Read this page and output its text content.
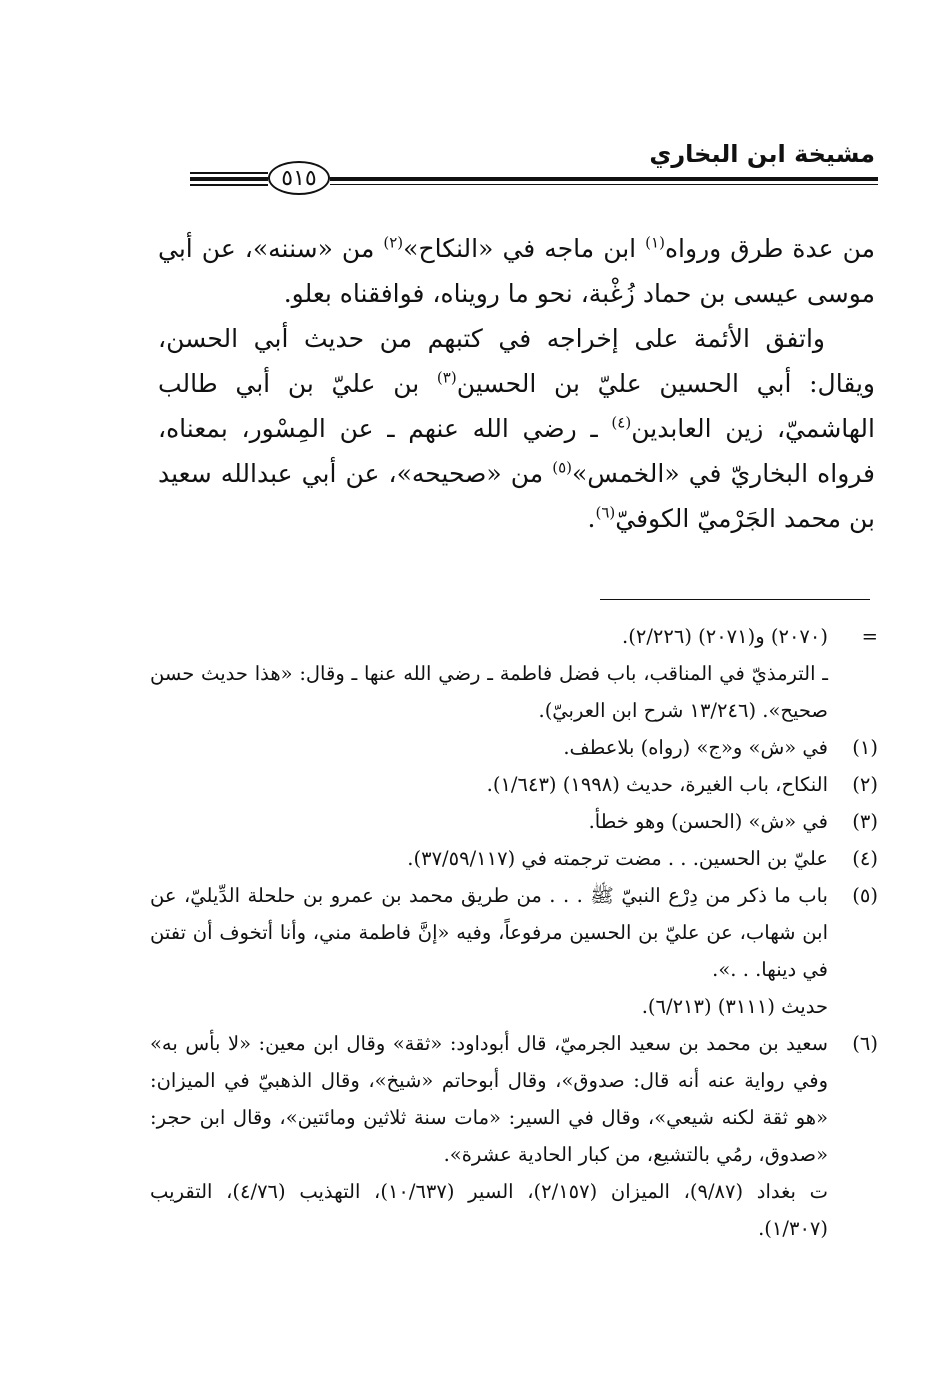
مشيخة ابن البخاري
٥١٥

من عدة طرق ورواه$^{(١)}$ ابن ماجه في «النكاح»$^{(٢)}$ من «سننه»، عن أبي موسى عيسى بن حماد زُغْبة، نحو ما رويناه، فوافقناه بعلو.

واتفق الأئمة على إخراجه في كتبهم من حديث أبي الحسن، ويقال: أبي الحسين عليّ بن الحسين$^{(٣)}$ بن عليّ بن أبي طالب الهاشميّ، زين العابدين$^{(٤)}$ ـ رضي الله عنهم ـ عن المِسْور، بمعناه، فرواه البخاريّ في «الخمس»$^{(٥)}$ من «صحيحه»، عن أبي عبدالله سعيد بن محمد الجَرْميّ الكوفيّ$^{(٦)}$.

=
(٢٠٧٠) و(٢٠٧١) (٢/٢٢٦).
ـ الترمذيّ في المناقب، باب فضل فاطمة ـ رضي الله عنها ـ وقال: «هذا حديث حسن صحيح». (١٣/٢٤٦ شرح ابن العربيّ).
(١)
في «ش» و«ج» (رواه) بلاعطف.
(٢)
النكاح، باب الغيرة، حديث (١٩٩٨) (١/٦٤٣).
(٣)
في «ش» (الحسن) وهو خطأ.
(٤)
عليّ بن الحسين. . . مضت ترجمته في (٣٧/٥٩/١١٧).
(٥)
باب ما ذكر من دِرْع النبيّ ﷺ . . . من طريق محمد بن عمرو بن حلحلة الدِّيليّ، عن ابن شهاب، عن عليّ بن الحسين مرفوعاً، وفيه «إنَّ فاطمة مني، وأنا أتخوف أن تفتن في دينها. . .».
حديث (٣١١١) (٦/٢١٣).
(٦)
سعيد بن محمد بن سعيد الجرميّ، قال أبوداود: «ثقة» وقال ابن معين: «لا بأس به» وفي رواية عنه أنه قال: صدوق»، وقال أبوحاتم «شيخ»، وقال الذهبيّ في الميزان: «هو ثقة لكنه شيعي»، وقال في السير: «مات سنة ثلاثين ومائتين»، وقال ابن حجر: «صدوق، رمُي بالتشيع، من كبار الحادية عشرة».
ت بغداد (٩/٨٧)، الميزان (٢/١٥٧)، السير (١٠/٦٣٧)، التهذيب (٤/٧٦)، التقريب (١/٣٠٧).
